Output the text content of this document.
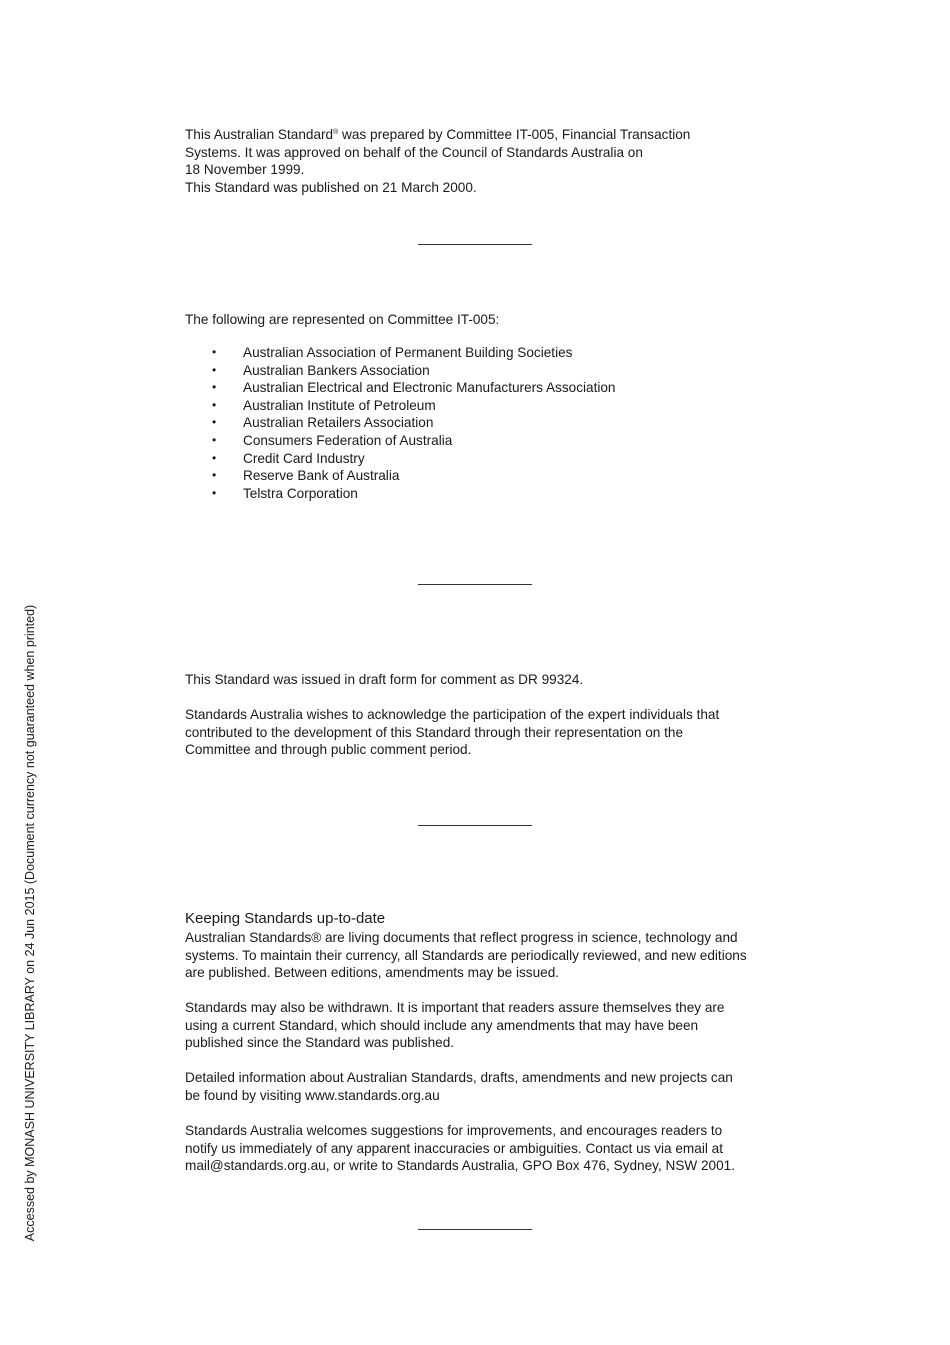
This Australian Standard® was prepared by Committee IT-005, Financial Transaction
Systems. It was approved on behalf of the Council of Standards Australia on
18 November 1999.
This Standard was published on 21 March 2000.

The following are represented on Committee IT-005:

• Australian Association of Permanent Building Societies
• Australian Bankers Association
• Australian Electrical and Electronic Manufacturers Association
• Australian Institute of Petroleum
• Australian Retailers Association
• Consumers Federation of Australia
• Credit Card Industry
• Reserve Bank of Australia
• Telstra Corporation

This Standard was issued in draft form for comment as DR 99324.

Standards Australia wishes to acknowledge the participation of the expert individuals that
contributed to the development of this Standard through their representation on the
Committee and through public comment period.

Keeping Standards up-to-date

Australian Standards® are living documents that reflect progress in science, technology and
systems. To maintain their currency, all Standards are periodically reviewed, and new editions
are published. Between editions, amendments may be issued.

Standards may also be withdrawn. It is important that readers assure themselves they are
using a current Standard, which should include any amendments that may have been
published since the Standard was published.

Detailed information about Australian Standards, drafts, amendments and new projects can
be found by visiting www.standards.org.au

Standards Australia welcomes suggestions for improvements, and encourages readers to
notify us immediately of any apparent inaccuracies or ambiguities. Contact us via email at
mail@standards.org.au, or write to Standards Australia, GPO Box 476, Sydney, NSW 2001.

Accessed by MONASH UNIVERSITY LIBRARY on 24 Jun 2015 (Document currency not guaranteed when printed)
